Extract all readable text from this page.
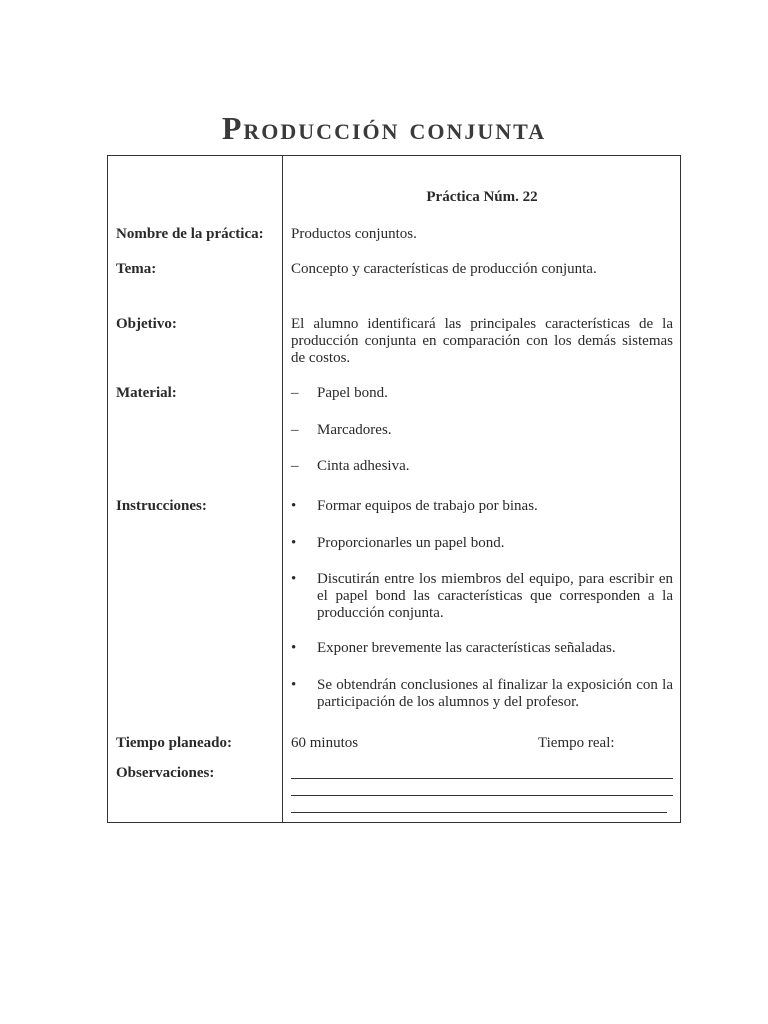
Producción conjunta
Práctica Núm. 22
Nombre de la práctica: Productos conjuntos.
Tema:	Concepto y características de producción conjunta.
Objetivo:	El alumno identificará las principales características de la producción conjunta en comparación con los demás sistemas de costos.
Material:	– Papel bond.
– Marcadores.
– Cinta adhesiva.
Instrucciones:	• Formar equipos de trabajo por binas.
• Proporcionarles un papel bond.
• Discutirán entre los miembros del equipo, para escribir en el papel bond las características que corresponden a la producción conjunta.
• Exponer brevemente las características señaladas.
• Se obtendrán conclusiones al finalizar la exposición con la participación de los alumnos y del profesor.
Tiempo planeado:	60 minutos	Tiempo real:
Observaciones:
